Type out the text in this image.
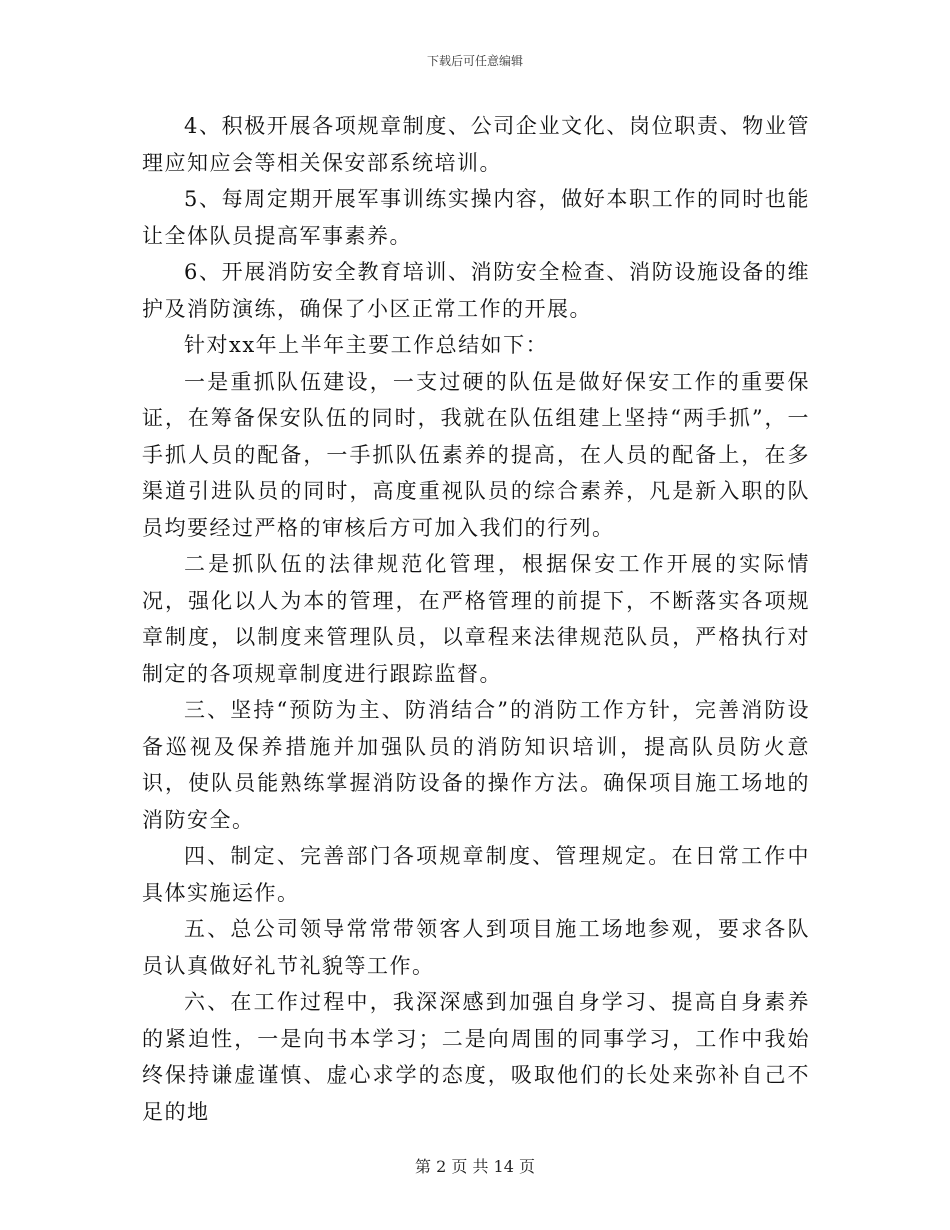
下载后可任意编辑

4、积极开展各项规章制度、公司企业文化、岗位职责、物业管理应知应会等相关保安部系统培训。

5、每周定期开展军事训练实操内容，做好本职工作的同时也能让全体队员提高军事素养。

6、开展消防安全教育培训、消防安全检查、消防设施设备的维护及消防演练，确保了小区正常工作的开展。

针对xx年上半年主要工作总结如下：

一是重抓队伍建设，一支过硬的队伍是做好保安工作的重要保证，在筹备保安队伍的同时，我就在队伍组建上坚持“两手抓”，一手抓人员的配备，一手抓队伍素养的提高，在人员的配备上，在多渠道引进队员的同时，高度重视队员的综合素养，凡是新入职的队员均要经过严格的审核后方可加入我们的行列。

二是抓队伍的法律规范化管理，根据保安工作开展的实际情况，强化以人为本的管理，在严格管理的前提下，不断落实各项规章制度，以制度来管理队员，以章程来法律规范队员，严格执行对制定的各项规章制度进行跟踪监督。

三、坚持“预防为主、防消结合”的消防工作方针，完善消防设备巡视及保养措施并加强队员的消防知识培训，提高队员防火意识，使队员能熟练掌握消防设备的操作方法。确保项目施工场地的消防安全。

四、制定、完善部门各项规章制度、管理规定。在日常工作中具体实施运作。

五、总公司领导常常带领客人到项目施工场地参观，要求各队员认真做好礼节礼貌等工作。

六、在工作过程中，我深深感到加强自身学习、提高自身素养的紧迫性，一是向书本学习；二是向周围的同事学习，工作中我始终保持谦虚谨慎、虚心求学的态度，吸取他们的长处来弥补自己不足的地

第 2 页 共 14 页
